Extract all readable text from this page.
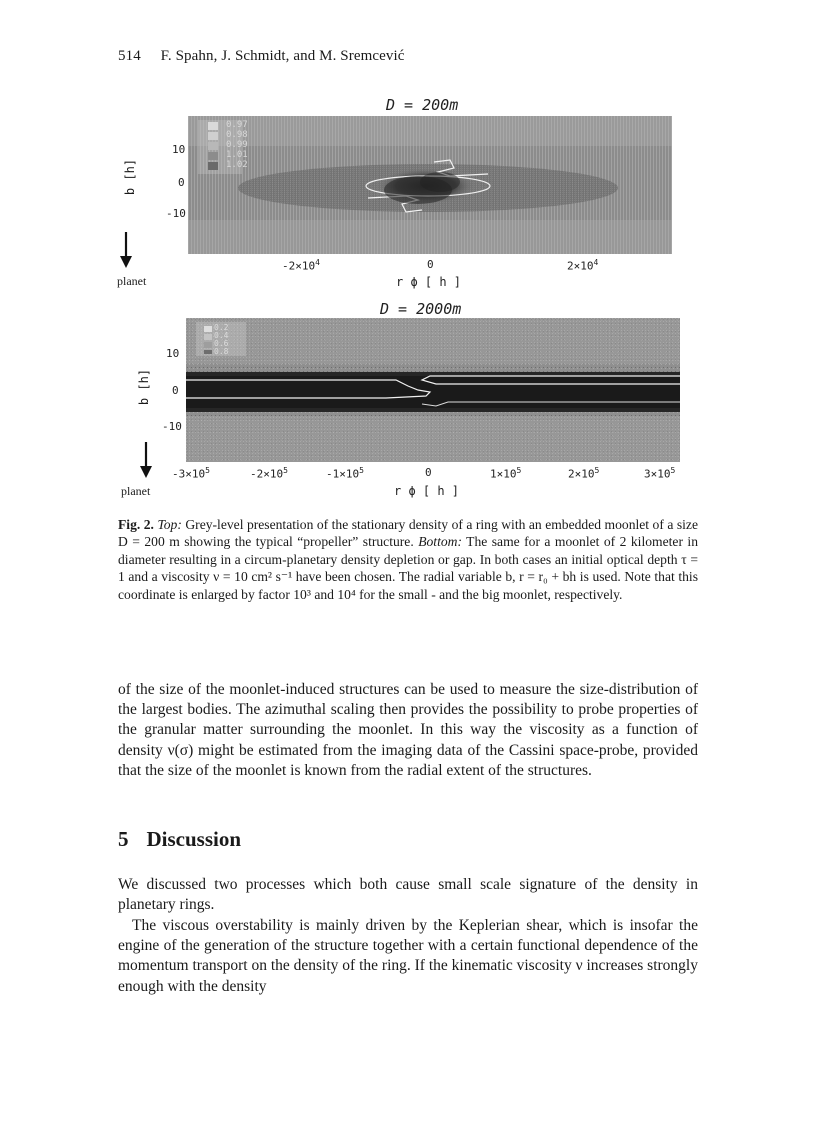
514 F. Spahn, J. Schmidt, and M. Sremcević
D = 200m
0.97
0.98
0.99
1.01
1.02
b [h]
10
0
-10
planet
$-2\times 10^4$	0	$2\times 10^4$
r ϕ [ h ]
D = 2000m
0.2
0.4
0.6
0.8
b [h]
10
0
-10
planet
$-3\times 10^5$	$-2\times 10^5$	$-1\times 10^5$	0	$1\times 10^5$	$2\times 10^5$	$3\times 10^5$
r ϕ [ h ]
Fig. 2. Top: Grey-level presentation of the stationary density of a ring with an embedded moonlet of a size D = 200 m showing the typical “propeller” structure. Bottom: The same for a moonlet of 2 kilometer in diameter resulting in a circum-planetary density depletion or gap. In both cases an initial optical depth τ = 1 and a viscosity ν = 10 cm² s⁻¹ have been chosen. The radial variable b, r = r₀ + bh is used. Note that this coordinate is enlarged by factor 10³ and 10⁴ for the small - and the big moonlet, respectively.

of the size of the moonlet-induced structures can be used to measure the size-distribution of the largest bodies. The azimuthal scaling then provides the possibility to probe properties of the granular matter surrounding the moonlet. In this way the viscosity as a function of density ν(σ) might be estimated from the imaging data of the Cassini space-probe, provided that the size of the moonlet is known from the radial extent of the structures.

5 Discussion

We discussed two processes which both cause small scale signature of the density in planetary rings.

The viscous overstability is mainly driven by the Keplerian shear, which is insofar the engine of the generation of the structure together with a certain functional dependence of the momentum transport on the density of the ring. If the kinematic viscosity ν increases strongly enough with the density
